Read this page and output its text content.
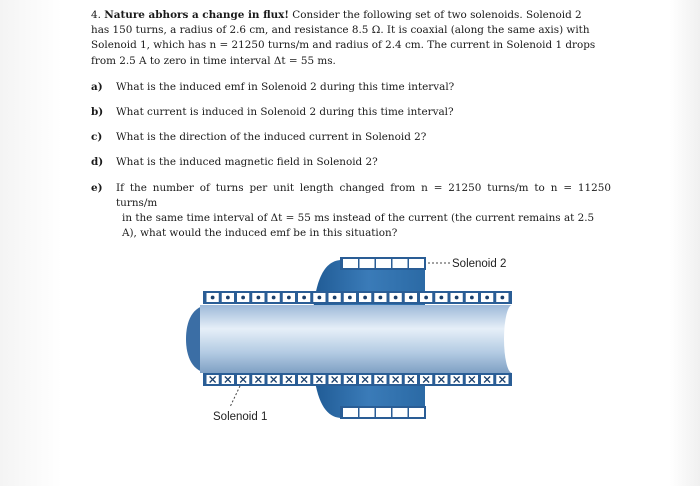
4. Nature abhors a change in flux! Consider the following set of two solenoids. Solenoid 2
has 150 turns, a radius of 2.6 cm, and resistance 8.5 Ω. It is coaxial (along the same axis) with
Solenoid 1, which has n = 21250 turns/m and radius of 2.4 cm. The current in Solenoid 1 drops
from 2.5 A to zero in time interval Δt = 55 ms.
a) What is the induced emf in Solenoid 2 during this time interval?
b) What current is induced in Solenoid 2 during this time interval?
c) What is the direction of the induced current in Solenoid 2?
d) What is the induced magnetic field in Solenoid 2?
e) If the number of turns per unit length changed from n = 21250 turns/m to n = 11250 turns/m
in the same time interval of Δt = 55 ms instead of the current (the current remains at 2.5
A), what would the induced emf be in this situation?
Solenoid 2
Solenoid 1
